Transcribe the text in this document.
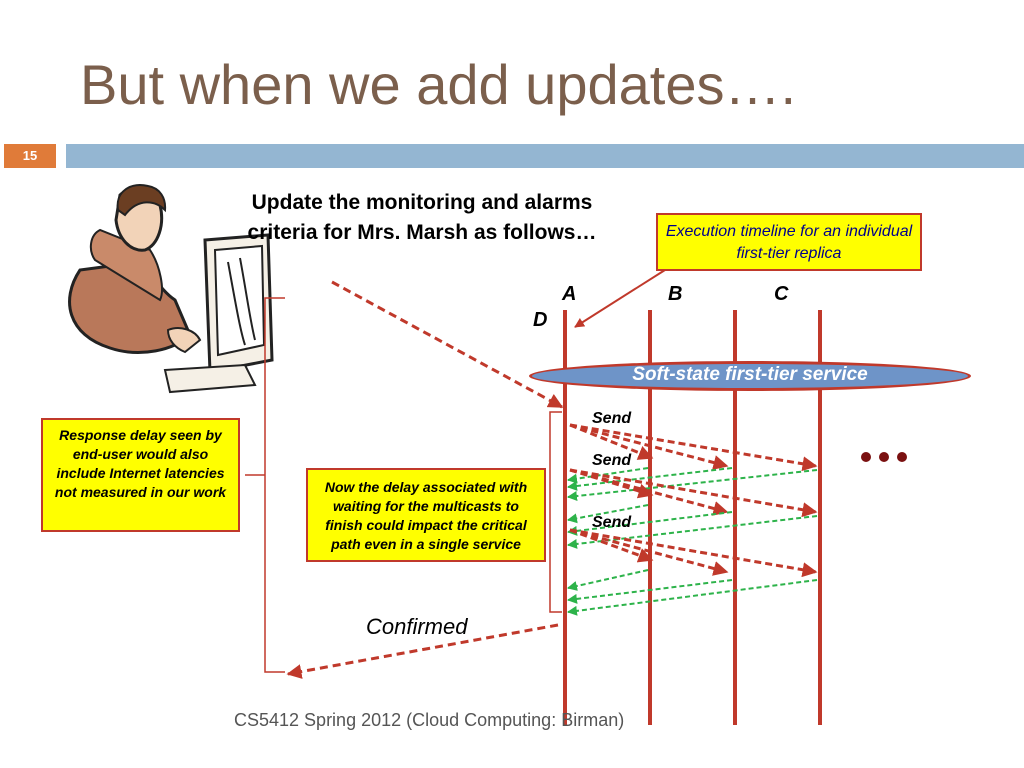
But when we add updates….
15
Update the monitoring and alarms criteria for Mrs. Marsh as follows…	Execution timeline for an individual first-tier replica
Response delay seen by end-user would also include Internet latencies not measured in our work	Now the delay associated with waiting for the multicasts to finish could impact the critical path even in a single service
A	B	C
D
Soft-state first-tier service
Send
Send
Send
Confirmed
CS5412 Spring 2012 (Cloud Computing: Birman)
